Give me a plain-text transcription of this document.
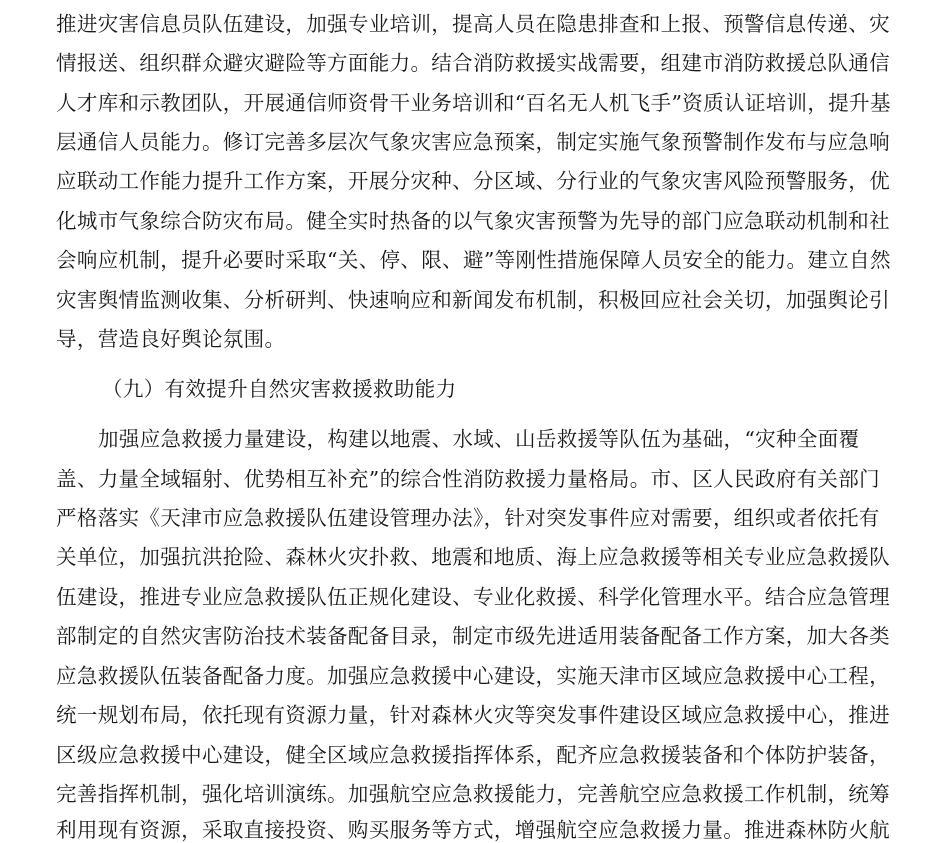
推进灾害信息员队伍建设，加强专业培训，提高人员在隐患排查和上报、预警信息传递、灾
情报送、组织群众避灾避险等方面能力。结合消防救援实战需要，组建市消防救援总队通信
人才库和示教团队，开展通信师资骨干业务培训和“百名无人机飞手”资质认证培训，提升基
层通信人员能力。修订完善多层次气象灾害应急预案，制定实施气象预警制作发布与应急响
应联动工作能力提升工作方案，开展分灾种、分区域、分行业的气象灾害风险预警服务，优
化城市气象综合防灾布局。健全实时热备的以气象灾害预警为先导的部门应急联动机制和社
会响应机制，提升必要时采取“关、停、限、避”等刚性措施保障人员安全的能力。建立自然
灾害舆情监测收集、分析研判、快速响应和新闻发布机制，积极回应社会关切，加强舆论引
导，营造良好舆论氛围。
（九）有效提升自然灾害救援救助能力
加强应急救援力量建设，构建以地震、水域、山岳救援等队伍为基础，“灾种全面覆
盖、力量全域辐射、优势相互补充”的综合性消防救援力量格局。市、区人民政府有关部门
严格落实《天津市应急救援队伍建设管理办法》，针对突发事件应对需要，组织或者依托有
关单位，加强抗洪抢险、森林火灾扑救、地震和地质、海上应急救援等相关专业应急救援队
伍建设，推进专业应急救援队伍正规化建设、专业化救援、科学化管理水平。结合应急管理
部制定的自然灾害防治技术装备配备目录，制定市级先进适用装备配备工作方案，加大各类
应急救援队伍装备配备力度。加强应急救援中心建设，实施天津市区域应急救援中心工程，
统一规划布局，依托现有资源力量，针对森林火灾等突发事件建设区域应急救援中心，推进
区级应急救援中心建设，健全区域应急救援指挥体系，配齐应急救援装备和个体防护装备，
完善指挥机制，强化培训演练。加强航空应急救援能力，完善航空应急救援工作机制，统筹
利用现有资源，采取直接投资、购买服务等方式，增强航空应急救援力量。推进森林防火航
